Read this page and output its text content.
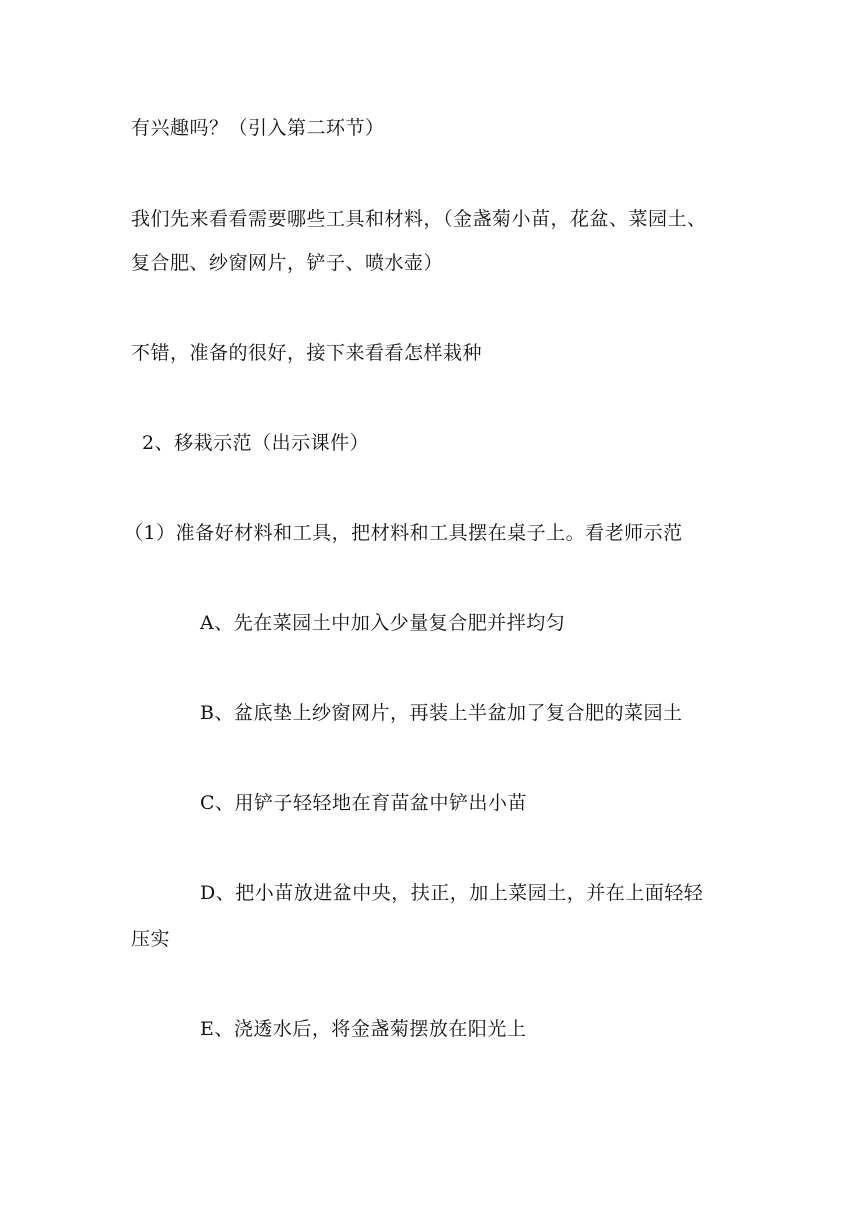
有兴趣吗？（引入第二环节）
我们先来看看需要哪些工具和材料，（金盏菊小苗，花盆、菜园土、
复合肥、纱窗网片，铲子、喷水壶）
不错，准备的很好，接下来看看怎样栽种
2、移栽示范（出示课件）
（1）准备好材料和工具，把材料和工具摆在桌子上。看老师示范
A、先在菜园土中加入少量复合肥并拌均匀
B、盆底垫上纱窗网片，再装上半盆加了复合肥的菜园土
C、用铲子轻轻地在育苗盆中铲出小苗
D、把小苗放进盆中央，扶正，加上菜园土，并在上面轻轻
压实
E、浇透水后，将金盏菊摆放在阳光上
